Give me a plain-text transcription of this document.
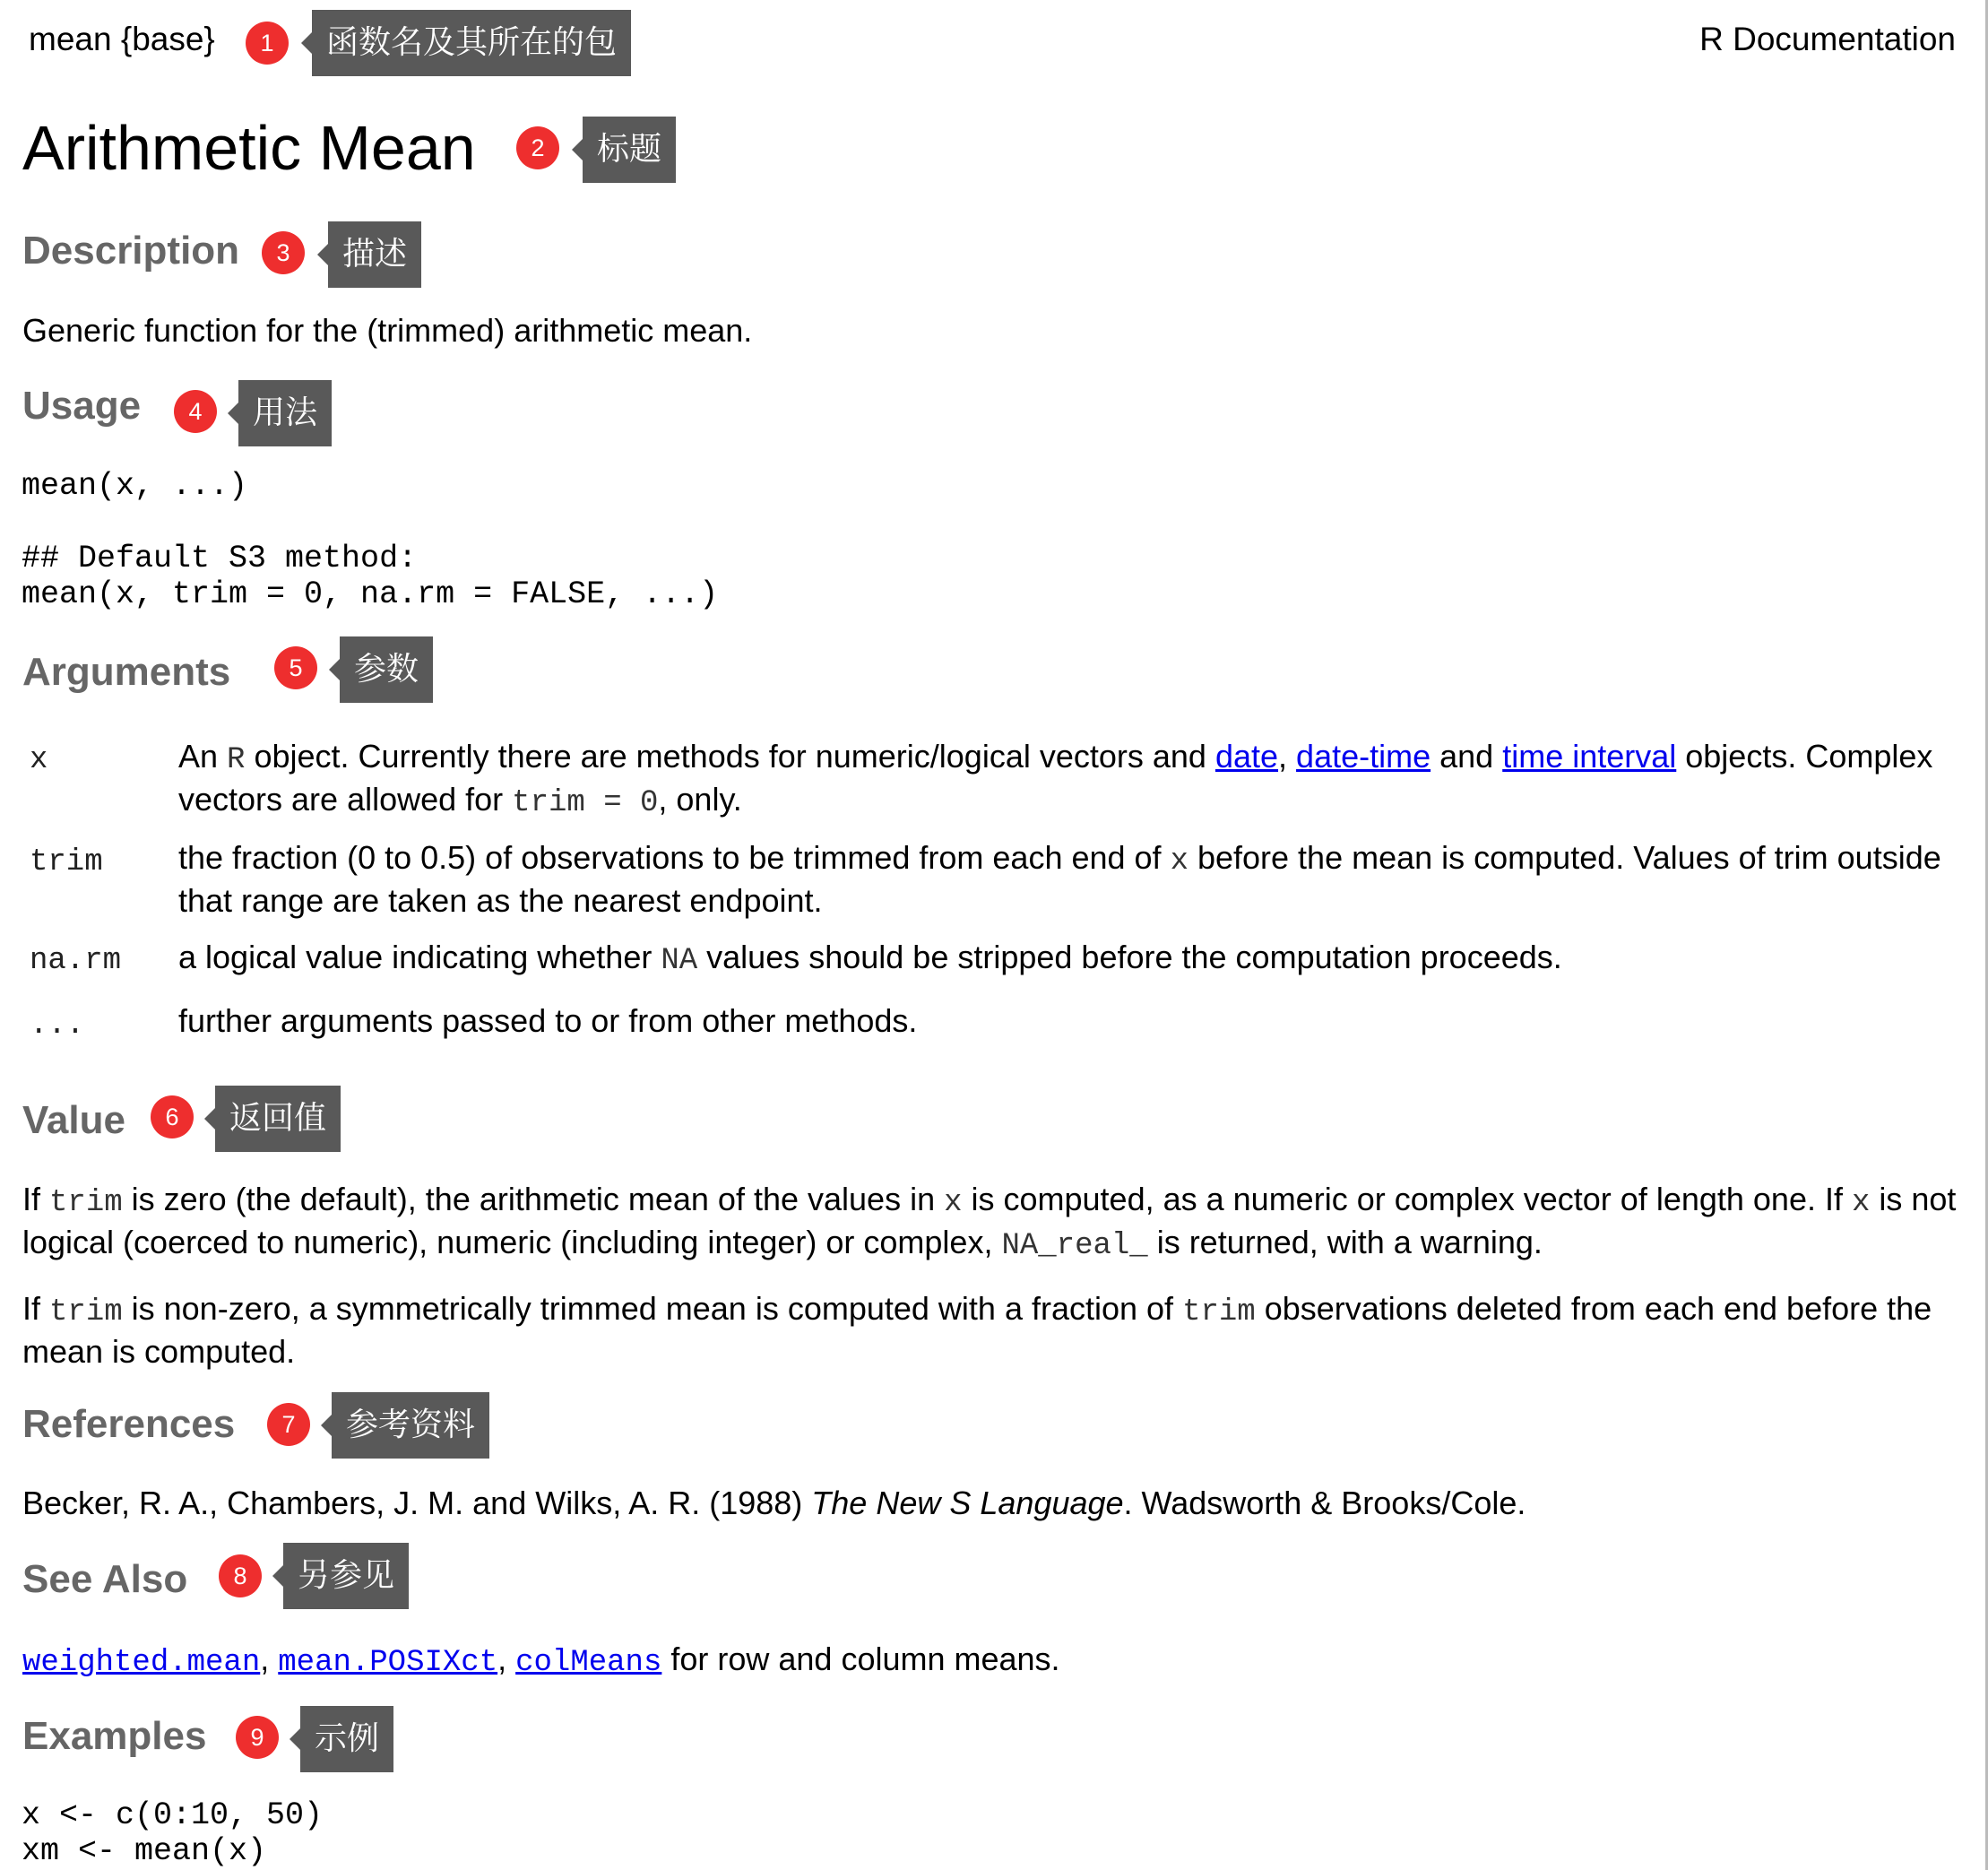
mean {base}	R Documentation
1	函数名及其所在的包
Arithmetic Mean	2	标题
Description	3	描述
Generic function for the (trimmed) arithmetic mean.
Usage	4	用法
mean(x, ...)
## Default S3 method:
mean(x, trim = 0, na.rm = FALSE, ...)
Arguments	5	参数
x	An R object. Currently there are methods for numeric/logical vectors and date, date-time and time interval objects. Complex vectors are allowed for trim = 0, only.
trim the fraction (0 to 0.5) of observations to be trimmed from each end of x before the mean is computed. Values of trim outside that range are taken as the nearest endpoint.
na.rm a logical value indicating whether NA values should be stripped before the computation proceeds.
...	further arguments passed to or from other methods.
Value	6	返回值
If trim is zero (the default), the arithmetic mean of the values in x is computed, as a numeric or complex vector of length one. If x is not logical (coerced to numeric), numeric (including integer) or complex, NA_real_ is returned, with a warning.
If trim is non-zero, a symmetrically trimmed mean is computed with a fraction of trim observations deleted from each end before the mean is computed.
References	7	参考资料
Becker, R. A., Chambers, J. M. and Wilks, A. R. (1988) The New S Language. Wadsworth & Brooks/Cole.
See Also	8	另参见
weighted.mean, mean.POSIXct, colMeans for row and column means.
Examples	9	示例
x <- c(0:10, 50)
xm <- mean(x)
